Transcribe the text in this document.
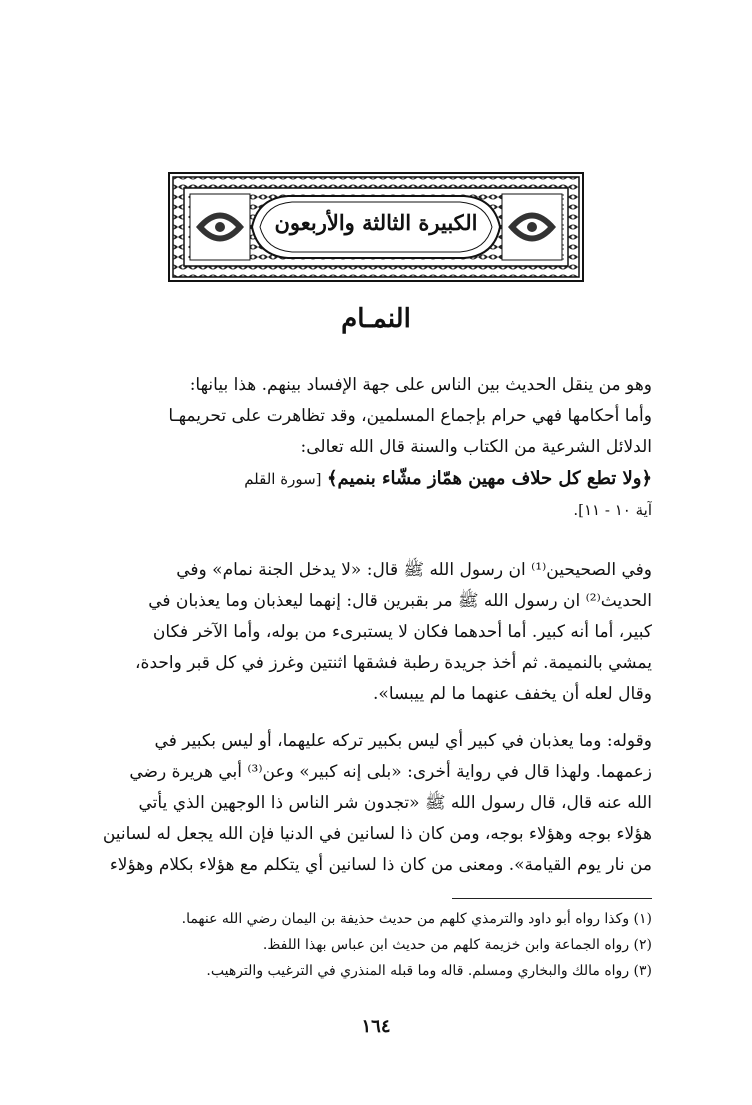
الكبيرة الثالثة والأربعون
النمـام

وهو من ينقل الحديث بين الناس على جهة الإفساد بينهم. هذا بيانها:
وأما أحكامها فهي حرام بإجماع المسلمين، وقد تظاهرت على تحريمهـا
الدلائل الشرعية من الكتاب والسنة قال الله تعالى:
﴿ولا تطع كل حلاف مهين همّاز مشّاء بنميم﴾ [سورة القلم
آية ١٠ - ١١].

وفي الصحيحين⁽¹⁾ ان رسول الله ﷺ قال: «لا يدخل الجنة نمام» وفي
الحديث⁽²⁾ ان رسول الله ﷺ مر بقبرين قال: إنهما ليعذبان وما يعذبان في
كبير، أما أنه كبير. أما أحدهما فكان لا يستبرىء من بوله، وأما الآخر فكان
يمشي بالنميمة. ثم أخذ جريدة رطبة فشقها اثنتين وغرز في كل قبر واحدة،
وقال لعله أن يخفف عنهما ما لم ييبسا».

وقوله: وما يعذبان في كبير أي ليس بكبير تركه عليهما، أو ليس بكبير في
زعمهما. ولهذا قال في رواية أخرى: «بلى إنه كبير» وعن⁽³⁾ أبي هريرة رضي
الله عنه قال، قال رسول الله ﷺ «تجدون شر الناس ذا الوجهين الذي يأتي
هؤلاء بوجه وهؤلاء بوجه، ومن كان ذا لسانين في الدنيا فإن الله يجعل له لسانين
من نار يوم القيامة». ومعنى من كان ذا لسانين أي يتكلم مع هؤلاء بكلام وهؤلاء

(١) وكذا رواه أبو داود والترمذي كلهم من حديث حذيفة بن اليمان رضي الله عنهما.
(٢) رواه الجماعة وابن خزيمة كلهم من حديث ابن عباس بهذا اللفظ.
(٣) رواه مالك والبخاري ومسلم. قاله وما قبله المنذري في الترغيب والترهيب.
١٦٤
